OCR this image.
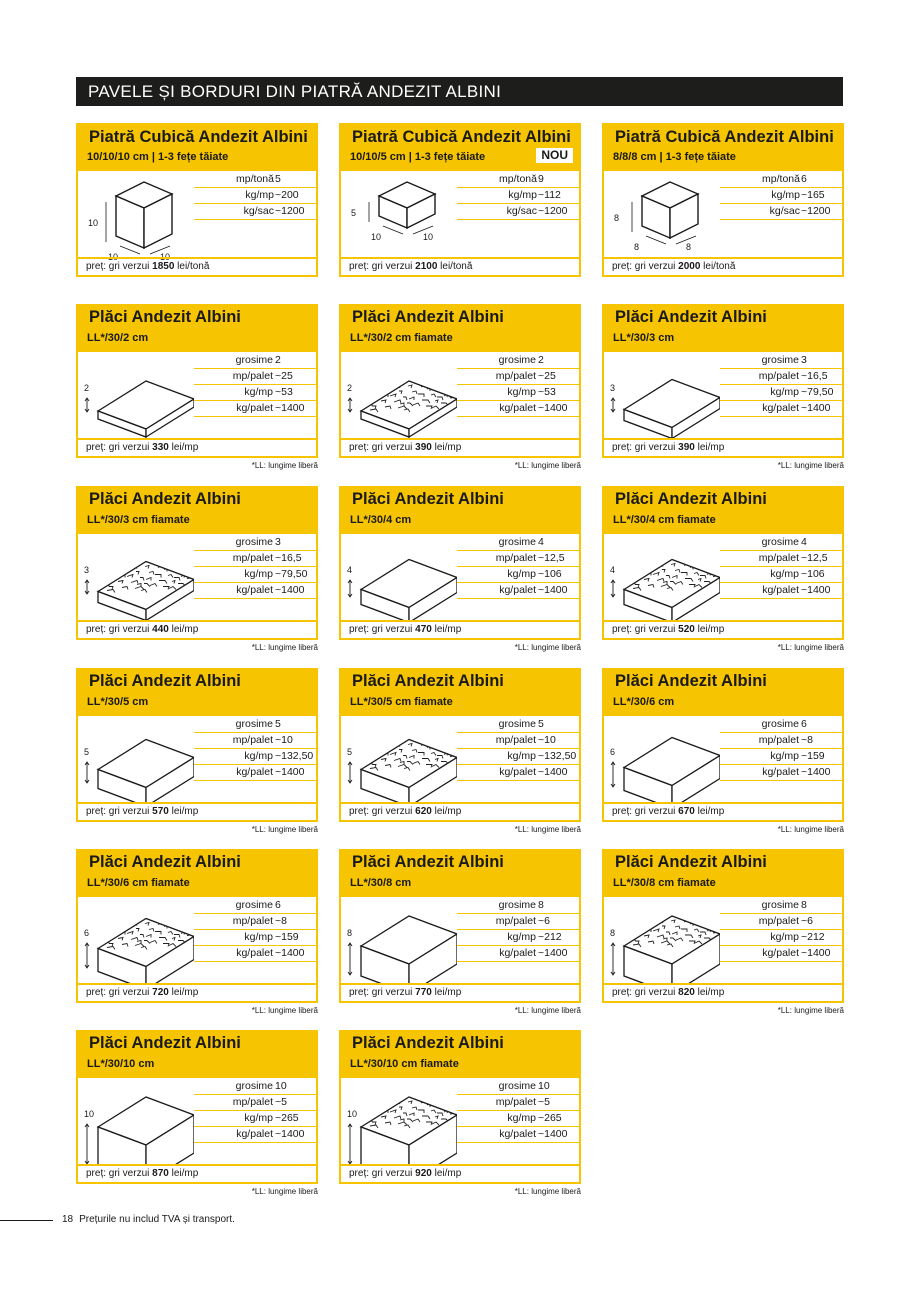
PAVELE ȘI BORDURI DIN PIATRĂ ANDEZIT ALBINI
Piatră Cubică Andezit Albini
10/10/10 cm | 1-3 fețe tăiate
mp/tonă 5
kg/mp ~200
kg/sac ~1200
10
10	10
preț: gri verzui 1850 lei/tonă
Piatră Cubică Andezit Albini
10/10/5 cm | 1-3 fețe tăiate	NOU
mp/tonă 9
kg/mp ~112
kg/sac ~1200
5
10	10
preț: gri verzui 2100 lei/tonă
Piatră Cubică Andezit Albini
8/8/8 cm | 1-3 fețe tăiate
mp/tonă 6
kg/mp ~165
kg/sac ~1200
8
8	8
preț: gri verzui 2000 lei/tonă
Plăci Andezit Albini
LL*/30/2 cm
grosime 2
mp/palet ~25
kg/mp ~53
kg/palet ~1400
2
preț: gri verzui 330 lei/mp
*LL: lungime liberă
Plăci Andezit Albini
LL*/30/2 cm fiamate
grosime 2
mp/palet ~25
kg/mp ~53
kg/palet ~1400
2
preț: gri verzui 390 lei/mp
*LL: lungime liberă
Plăci Andezit Albini
LL*/30/3 cm
grosime 3
mp/palet ~16,5
kg/mp ~79,50
kg/palet ~1400
3
preț: gri verzui 390 lei/mp
*LL: lungime liberă
Plăci Andezit Albini
LL*/30/3 cm fiamate
grosime 3
mp/palet ~16,5
kg/mp ~79,50
kg/palet ~1400
3
preț: gri verzui 440 lei/mp
*LL: lungime liberă
Plăci Andezit Albini
LL*/30/4 cm
grosime 4
mp/palet ~12,5
kg/mp ~106
kg/palet ~1400
4
preț: gri verzui 470 lei/mp
*LL: lungime liberă
Plăci Andezit Albini
LL*/30/4 cm fiamate
grosime 4
mp/palet ~12,5
kg/mp ~106
kg/palet ~1400
4
preț: gri verzui 520 lei/mp
*LL: lungime liberă
Plăci Andezit Albini
LL*/30/5 cm
grosime 5
mp/palet ~10
kg/mp ~132,50
kg/palet ~1400
5
preț: gri verzui 570 lei/mp
*LL: lungime liberă
Plăci Andezit Albini
LL*/30/5 cm fiamate
grosime 5
mp/palet ~10
kg/mp ~132,50
kg/palet ~1400
5
preț: gri verzui 620 lei/mp
*LL: lungime liberă
Plăci Andezit Albini
LL*/30/6 cm
grosime 6
mp/palet ~8
kg/mp ~159
kg/palet ~1400
6
preț: gri verzui 670 lei/mp
*LL: lungime liberă
Plăci Andezit Albini
LL*/30/6 cm fiamate
grosime 6
mp/palet ~8
kg/mp ~159
kg/palet ~1400
6
preț: gri verzui 720 lei/mp
*LL: lungime liberă
Plăci Andezit Albini
LL*/30/8 cm
grosime 8
mp/palet ~6
kg/mp ~212
kg/palet ~1400
8
preț: gri verzui 770 lei/mp
*LL: lungime liberă
Plăci Andezit Albini
LL*/30/8 cm fiamate
grosime 8
mp/palet ~6
kg/mp ~212
kg/palet ~1400
8
preț: gri verzui 820 lei/mp
*LL: lungime liberă
Plăci Andezit Albini
LL*/30/10 cm
grosime 10
mp/palet ~5
kg/mp ~265
kg/palet ~1400
10
preț: gri verzui 870 lei/mp
*LL: lungime liberă
Plăci Andezit Albini
LL*/30/10 cm fiamate
grosime 10
mp/palet ~5
kg/mp ~265
kg/palet ~1400
10
preț: gri verzui 920 lei/mp
*LL: lungime liberă
18 Prețurile nu includ TVA și transport.
